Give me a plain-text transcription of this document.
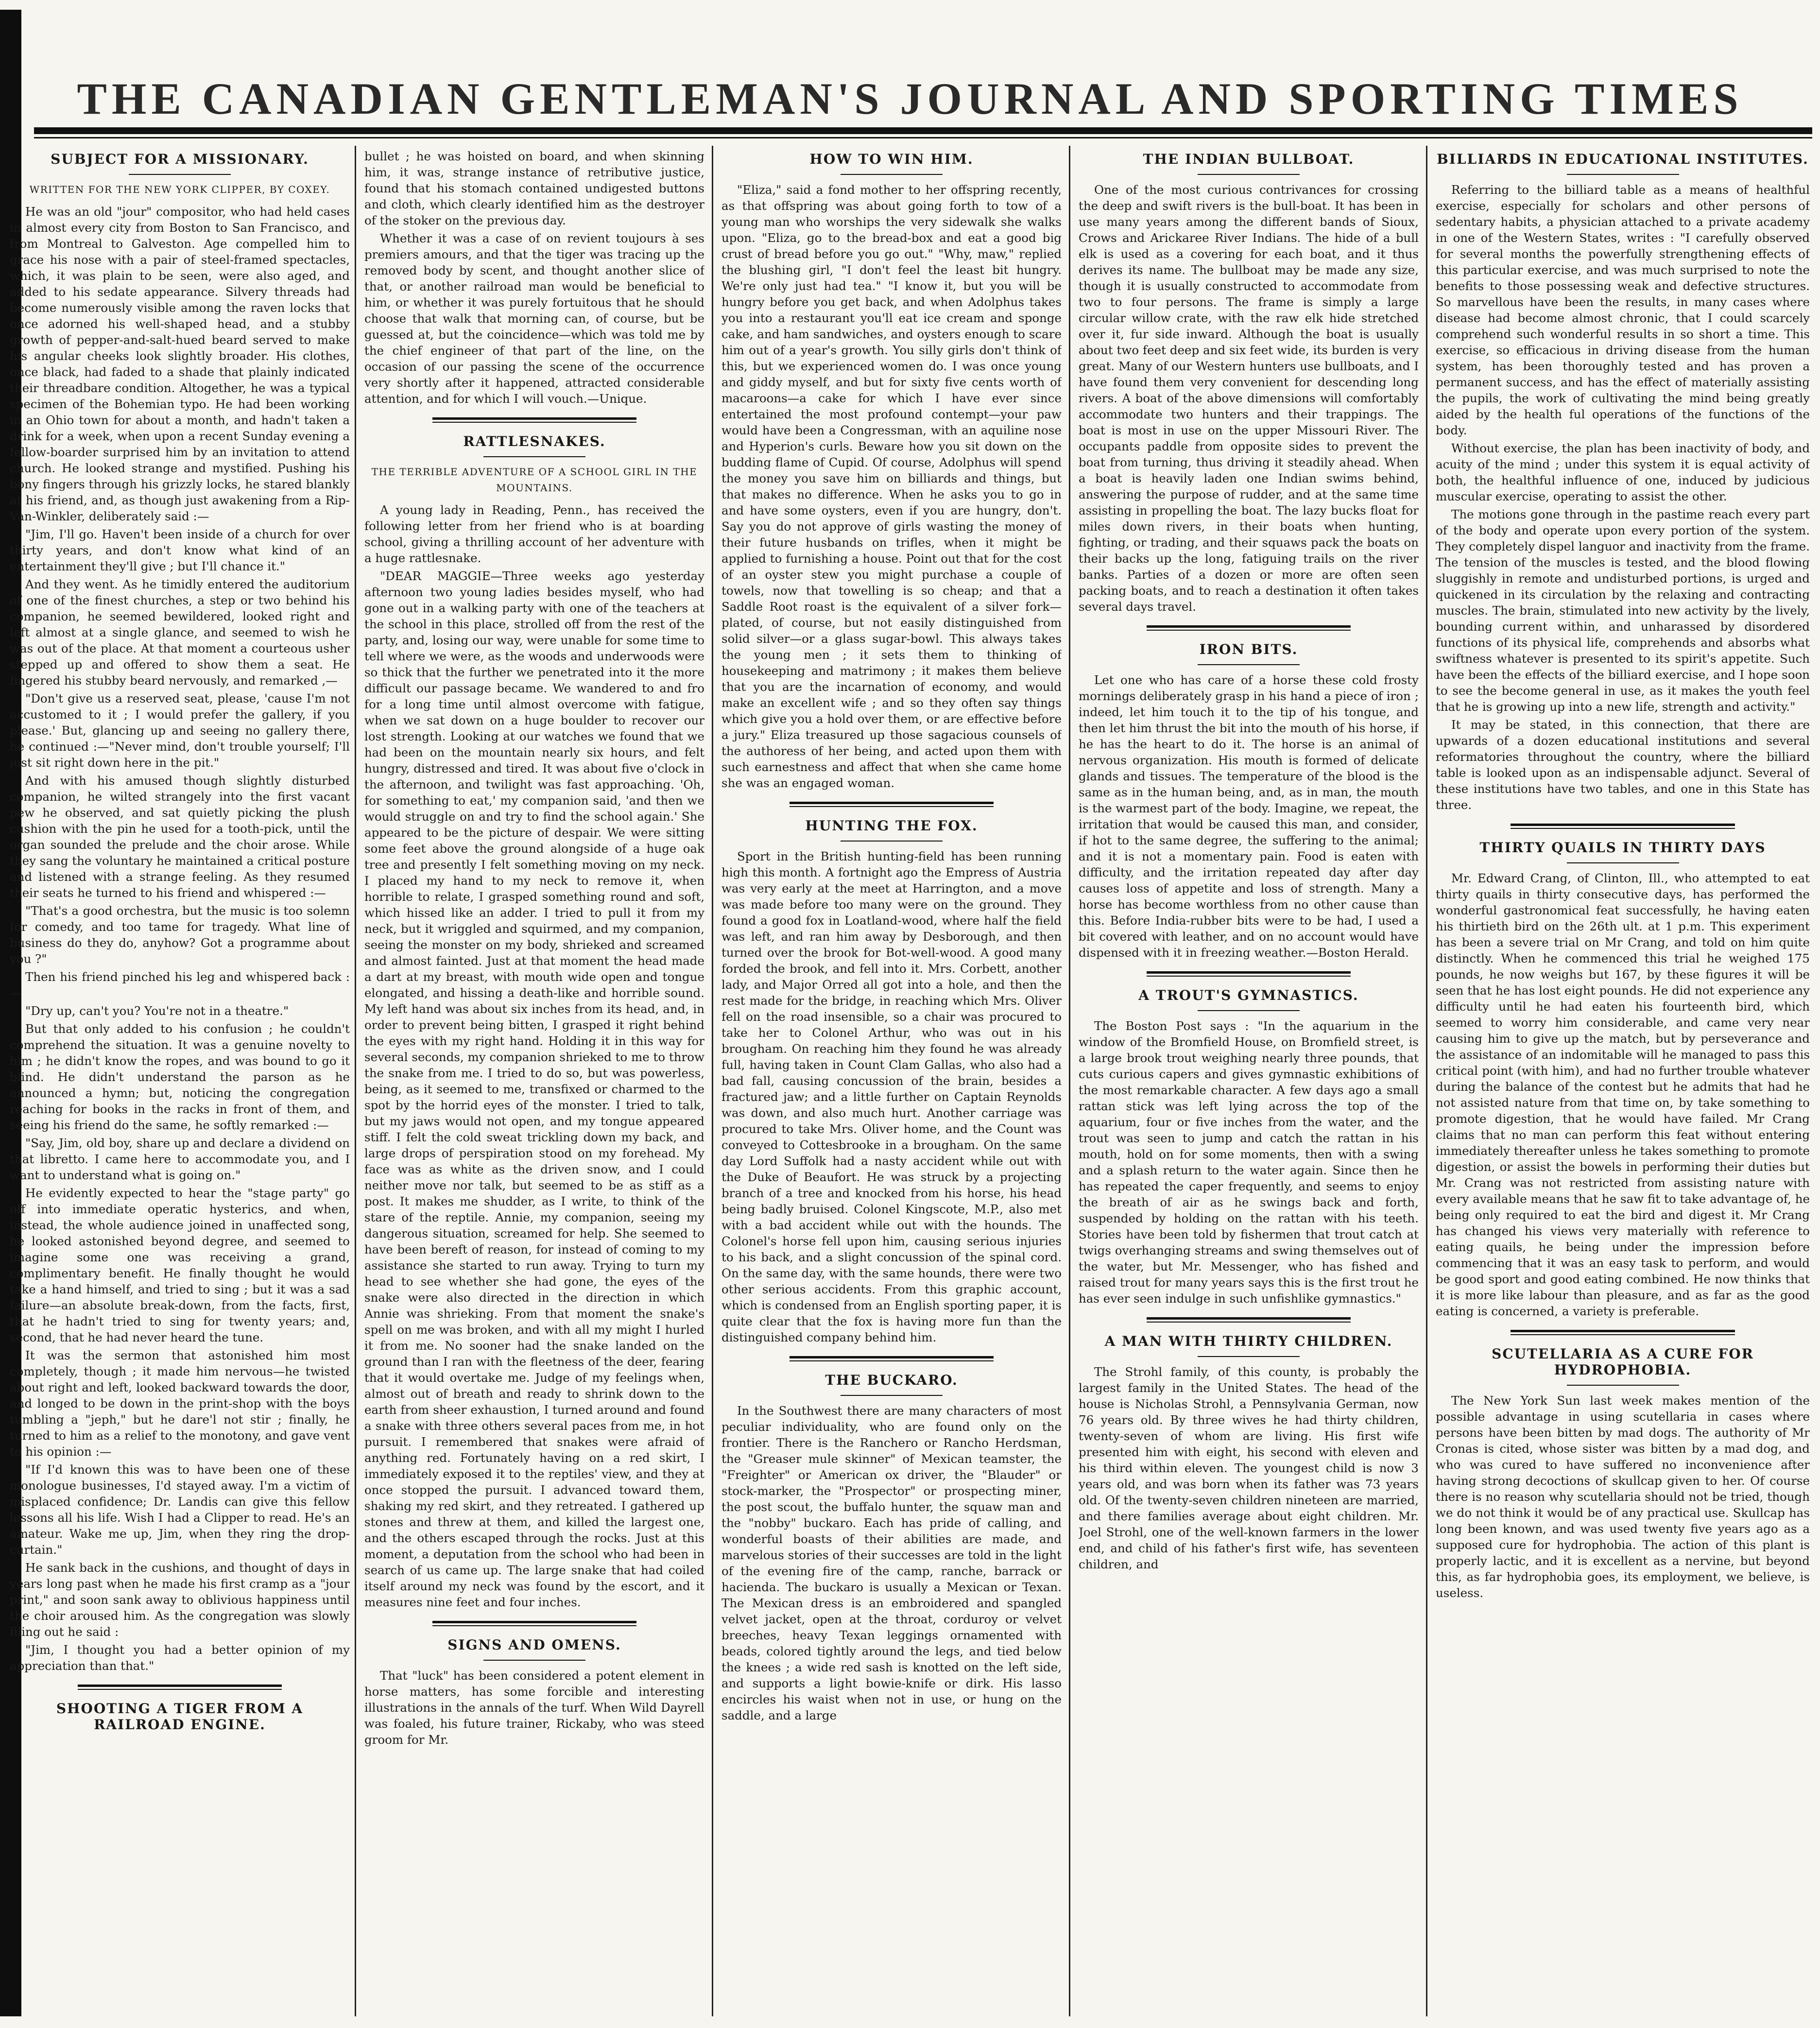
THE CANADIAN GENTLEMAN'S JOURNAL AND SPORTING TIMES
SUBJECT FOR A MISSIONARY.
WRITTEN FOR THE NEW YORK CLIPPER, BY COXEY.

He was an old "jour" compositor, who had held cases in almost every city from Boston to San Francisco, and from Montreal to Galveston. Age compelled him to grace his nose with a pair of steel-framed spectacles, which, it was plain to be seen, were also aged, and added to his sedate appearance. Silvery threads had become numerously visible among the raven locks that once adorned his well-shaped head, and a stubby growth of pepper-and-salt-hued beard served to make his angular cheeks look slightly broader. His clothes, once black, had faded to a shade that plainly indicated their threadbare condition. Altogether, he was a typical specimen of the Bohemian typo. He had been working in an Ohio town for about a month, and hadn't taken a drink for a week, when upon a recent Sunday evening a fellow-boarder surprised him by an invitation to attend church. He looked strange and mystified. Pushing his bony fingers through his grizzly locks, he stared blankly at his friend, and, as though just awakening from a Rip-Van-Winkler, deliberately said :—

"Jim, I'll go. Haven't been inside of a church for over thirty years, and don't know what kind of an entertainment they'll give ; but I'll chance it."

And they went. As he timidly entered the auditorium of one of the finest churches, a step or two behind his companion, he seemed bewildered, looked right and left almost at a single glance, and seemed to wish he was out of the place. At that moment a courteous usher stepped up and offered to show them a seat. He fingered his stubby beard nervously, and remarked ,—

"Don't give us a reserved seat, please, 'cause I'm not accustomed to it ; I would prefer the gallery, if you please.' But, glancing up and seeing no gallery there, he continued :—"Never mind, don't trouble yourself; I'll just sit right down here in the pit."

And with his amused though slightly disturbed companion, he wilted strangely into the first vacant pew he observed, and sat quietly picking the plush cushion with the pin he used for a tooth-pick, until the organ sounded the prelude and the choir arose. While they sang the voluntary he maintained a critical posture and listened with a strange feeling. As they resumed their seats he turned to his friend and whispered :—

"That's a good orchestra, but the music is too solemn for comedy, and too tame for tragedy. What line of business do they do, anyhow? Got a programme about you ?"

Then his friend pinched his leg and whispered back :—

"Dry up, can't you? You're not in a theatre."

But that only added to his confusion ; he couldn't comprehend the situation. It was a genuine novelty to him ; he didn't know the ropes, and was bound to go it blind. He didn't understand the parson as he announced a hymn; but, noticing the congregation reaching for books in the racks in front of them, and seeing his friend do the same, he softly remarked :—

"Say, Jim, old boy, share up and declare a dividend on that libretto. I came here to accommodate you, and I want to understand what is going on."

He evidently expected to hear the "stage party" go off into immediate operatic hysterics, and when, instead, the whole audience joined in unaffected song, he looked astonished beyond degree, and seemed to imagine some one was receiving a grand, complimentary benefit. He finally thought he would take a hand himself, and tried to sing ; but it was a sad failure—an absolute break-down, from the facts, first, that he hadn't tried to sing for twenty years; and, second, that he had never heard the tune.

It was the sermon that astonished him most completely, though ; it made him nervous—he twisted about right and left, looked backward towards the door, and longed to be down in the print-shop with the boys tumbling a "jeph," but he dare'l not stir ; finally, he turned to him as a relief to the monotony, and gave vent to his opinion :—

"If I'd known this was to have been one of these monologue businesses, I'd stayed away. I'm a victim of misplaced confidence; Dr. Landis can give this fellow lessons all his life. Wish I had a Clipper to read. He's an amateur. Wake me up, Jim, when they ring the drop-curtain."

He sank back in the cushions, and thought of days in years long past when he made his first cramp as a "jour print," and soon sank away to oblivious happiness until the choir aroused him. As the congregation was slowly filing out he said :

"Jim, I thought you had a better opinion of my appreciation than that."

SHOOTING A TIGER FROM A RAILROAD ENGINE.

bullet ; he was hoisted on board, and when skinning him, it was, strange instance of retributive justice, found that his stomach contained undigested buttons and cloth, which clearly identified him as the destroyer of the stoker on the previous day.

Whether it was a case of on revient toujours à ses premiers amours, and that the tiger was tracing up the removed body by scent, and thought another slice of that, or another railroad man would be beneficial to him, or whether it was purely fortuitous that he should choose that walk that morning can, of course, but be guessed at, but the coincidence—which was told me by the chief engineer of that part of the line, on the occasion of our passing the scene of the occurrence very shortly after it happened, attracted considerable attention, and for which I will vouch.—Unique.

RATTLESNAKES.
THE TERRIBLE ADVENTURE OF A SCHOOL GIRL IN THE MOUNTAINS.

A young lady in Reading, Penn., has received the following letter from her friend who is at boarding school, giving a thrilling account of her adventure with a huge rattlesnake.

"DEAR MAGGIE—Three weeks ago yesterday afternoon two young ladies besides myself, who had gone out in a walking party with one of the teachers at the school in this place, strolled off from the rest of the party, and, losing our way, were unable for some time to tell where we were, as the woods and underwoods were so thick that the further we penetrated into it the more difficult our passage became. We wandered to and fro for a long time until almost overcome with fatigue, when we sat down on a huge boulder to recover our lost strength. Looking at our watches we found that we had been on the mountain nearly six hours, and felt hungry, distressed and tired. It was about five o'clock in the afternoon, and twilight was fast approaching. 'Oh, for something to eat,' my companion said, 'and then we would struggle on and try to find the school again.' She appeared to be the picture of despair. We were sitting some feet above the ground alongside of a huge oak tree and presently I felt something moving on my neck. I placed my hand to my neck to remove it, when horrible to relate, I grasped something round and soft, which hissed like an adder. I tried to pull it from my neck, but it wriggled and squirmed, and my companion, seeing the monster on my body, shrieked and screamed and almost fainted. Just at that moment the head made a dart at my breast, with mouth wide open and tongue elongated, and hissing a death-like and horrible sound. My left hand was about six inches from its head, and, in order to prevent being bitten, I grasped it right behind the eyes with my right hand. Holding it in this way for several seconds, my companion shrieked to me to throw the snake from me. I tried to do so, but was powerless, being, as it seemed to me, transfixed or charmed to the spot by the horrid eyes of the monster. I tried to talk, but my jaws would not open, and my tongue appeared stiff. I felt the cold sweat trickling down my back, and large drops of perspiration stood on my forehead. My face was as white as the driven snow, and I could neither move nor talk, but seemed to be as stiff as a post. It makes me shudder, as I write, to think of the stare of the reptile. Annie, my companion, seeing my dangerous situation, screamed for help. She seemed to have been bereft of reason, for instead of coming to my assistance she started to run away. Trying to turn my head to see whether she had gone, the eyes of the snake were also directed in the direction in which Annie was shrieking. From that moment the snake's spell on me was broken, and with all my might I hurled it from me. No sooner had the snake landed on the ground than I ran with the fleetness of the deer, fearing that it would overtake me. Judge of my feelings when, almost out of breath and ready to shrink down to the earth from sheer exhaustion, I turned around and found a snake with three others several paces from me, in hot pursuit. I remembered that snakes were afraid of anything red. Fortunately having on a red skirt, I immediately exposed it to the reptiles' view, and they at once stopped the pursuit. I advanced toward them, shaking my red skirt, and they retreated. I gathered up stones and threw at them, and killed the largest one, and the others escaped through the rocks. Just at this moment, a deputation from the school who had been in search of us came up. The large snake that had coiled itself around my neck was found by the escort, and it measures nine feet and four inches.

SIGNS AND OMENS.

That "luck" has been considered a potent element in horse matters, has some forcible and interesting illustrations in the annals of the turf. When Wild Dayrell was foaled, his future trainer, Rickaby, who was steed groom for Mr.

HOW TO WIN HIM.

"Eliza," said a fond mother to her offspring recently, as that offspring was about going forth to tow of a young man who worships the very sidewalk she walks upon. "Eliza, go to the bread-box and eat a good big crust of bread before you go out." "Why, maw," replied the blushing girl, "I don't feel the least bit hungry. We're only just had tea." "I know it, but you will be hungry before you get back, and when Adolphus takes you into a restaurant you'll eat ice cream and sponge cake, and ham sandwiches, and oysters enough to scare him out of a year's growth. You silly girls don't think of this, but we experienced women do. I was once young and giddy myself, and but for sixty five cents worth of macaroons—a cake for which I have ever since entertained the most profound contempt—your paw would have been a Congressman, with an aquiline nose and Hyperion's curls. Beware how you sit down on the budding flame of Cupid. Of course, Adolphus will spend the money you save him on billiards and things, but that makes no difference. When he asks you to go in and have some oysters, even if you are hungry, don't. Say you do not approve of girls wasting the money of their future husbands on trifles, when it might be applied to furnishing a house. Point out that for the cost of an oyster stew you might purchase a couple of towels, now that towelling is so cheap; and that a Saddle Root roast is the equivalent of a silver fork—plated, of course, but not easily distinguished from solid silver—or a glass sugar-bowl. This always takes the young men ; it sets them to thinking of housekeeping and matrimony ; it makes them believe that you are the incarnation of economy, and would make an excellent wife ; and so they often say things which give you a hold over them, or are effective before a jury." Eliza treasured up those sagacious counsels of the authoress of her being, and acted upon them with such earnestness and affect that when she came home she was an engaged woman.

HUNTING THE FOX.

Sport in the British hunting-field has been running high this month. A fortnight ago the Empress of Austria was very early at the meet at Harrington, and a move was made before too many were on the ground. They found a good fox in Loatland-wood, where half the field was left, and ran him away by Desborough, and then turned over the brook for Bot-well-wood. A good many forded the brook, and fell into it. Mrs. Corbett, another lady, and Major Orred all got into a hole, and then the rest made for the bridge, in reaching which Mrs. Oliver fell on the road insensible, so a chair was procured to take her to Colonel Arthur, who was out in his brougham. On reaching him they found he was already full, having taken in Count Clam Gallas, who also had a bad fall, causing concussion of the brain, besides a fractured jaw; and a little further on Captain Reynolds was down, and also much hurt. Another carriage was procured to take Mrs. Oliver home, and the Count was conveyed to Cottesbrooke in a brougham. On the same day Lord Suffolk had a nasty accident while out with the Duke of Beaufort. He was struck by a projecting branch of a tree and knocked from his horse, his head being badly bruised. Colonel Kingscote, M.P., also met with a bad accident while out with the hounds. The Colonel's horse fell upon him, causing serious injuries to his back, and a slight concussion of the spinal cord. On the same day, with the same hounds, there were two other serious accidents. From this graphic account, which is condensed from an English sporting paper, it is quite clear that the fox is having more fun than the distinguished company behind him.

THE BUCKARO.

In the Southwest there are many characters of most peculiar individuality, who are found only on the frontier. There is the Ranchero or Rancho Herdsman, the "Greaser mule skinner" of Mexican teamster, the "Freighter" or American ox driver, the "Blauder" or stock-marker, the "Prospector" or prospecting miner, the post scout, the buffalo hunter, the squaw man and the "nobby" buckaro. Each has pride of calling, and wonderful boasts of their abilities are made, and marvelous stories of their successes are told in the light of the evening fire of the camp, ranche, barrack or hacienda. The buckaro is usually a Mexican or Texan. The Mexican dress is an embroidered and spangled velvet jacket, open at the throat, corduroy or velvet breeches, heavy Texan leggings ornamented with beads, colored tightly around the legs, and tied below the knees ; a wide red sash is knotted on the left side, and supports a light bowie-knife or dirk. His lasso encircles his waist when not in use, or hung on the saddle, and a large

THE INDIAN BULLBOAT.

One of the most curious contrivances for crossing the deep and swift rivers is the bull-boat. It has been in use many years among the different bands of Sioux, Crows and Arickaree River Indians. The hide of a bull elk is used as a covering for each boat, and it thus derives its name. The bullboat may be made any size, though it is usually constructed to accommodate from two to four persons. The frame is simply a large circular willow crate, with the raw elk hide stretched over it, fur side inward. Although the boat is usually about two feet deep and six feet wide, its burden is very great. Many of our Western hunters use bullboats, and I have found them very convenient for descending long rivers. A boat of the above dimensions will comfortably accommodate two hunters and their trappings. The boat is most in use on the upper Missouri River. The occupants paddle from opposite sides to prevent the boat from turning, thus driving it steadily ahead. When a boat is heavily laden one Indian swims behind, answering the purpose of rudder, and at the same time assisting in propelling the boat. The lazy bucks float for miles down rivers, in their boats when hunting, fighting, or trading, and their squaws pack the boats on their backs up the long, fatiguing trails on the river banks. Parties of a dozen or more are often seen packing boats, and to reach a destination it often takes several days travel.

IRON BITS.

Let one who has care of a horse these cold frosty mornings deliberately grasp in his hand a piece of iron ; indeed, let him touch it to the tip of his tongue, and then let him thrust the bit into the mouth of his horse, if he has the heart to do it. The horse is an animal of nervous organization. His mouth is formed of delicate glands and tissues. The temperature of the blood is the same as in the human being, and, as in man, the mouth is the warmest part of the body. Imagine, we repeat, the irritation that would be caused this man, and consider, if hot to the same degree, the suffering to the animal; and it is not a momentary pain. Food is eaten with difficulty, and the irritation repeated day after day causes loss of appetite and loss of strength. Many a horse has become worthless from no other cause than this. Before India-rubber bits were to be had, I used a bit covered with leather, and on no account would have dispensed with it in freezing weather.—Boston Herald.

A TROUT'S GYMNASTICS.

The Boston Post says : "In the aquarium in the window of the Bromfield House, on Bromfield street, is a large brook trout weighing nearly three pounds, that cuts curious capers and gives gymnastic exhibitions of the most remarkable character. A few days ago a small rattan stick was left lying across the top of the aquarium, four or five inches from the water, and the trout was seen to jump and catch the rattan in his mouth, hold on for some moments, then with a swing and a splash return to the water again. Since then he has repeated the caper frequently, and seems to enjoy the breath of air as he swings back and forth, suspended by holding on the rattan with his teeth. Stories have been told by fishermen that trout catch at twigs overhanging streams and swing themselves out of the water, but Mr. Messenger, who has fished and raised trout for many years says this is the first trout he has ever seen indulge in such unfishlike gymnastics."

A MAN WITH THIRTY CHILDREN.

The Strohl family, of this county, is probably the largest family in the United States. The head of the house is Nicholas Strohl, a Pennsylvania German, now 76 years old. By three wives he had thirty children, twenty-seven of whom are living. His first wife presented him with eight, his second with eleven and his third within eleven. The youngest child is now 3 years old, and was born when its father was 73 years old. Of the twenty-seven children nineteen are married, and there families average about eight children. Mr. Joel Strohl, one of the well-known farmers in the lower end, and child of his father's first wife, has seventeen children, and

BILLIARDS IN EDUCATIONAL INSTITUTES.

Referring to the billiard table as a means of healthful exercise, especially for scholars and other persons of sedentary habits, a physician attached to a private academy in one of the Western States, writes : "I carefully observed for several months the powerfully strengthening effects of this particular exercise, and was much surprised to note the benefits to those possessing weak and defective structures. So marvellous have been the results, in many cases where disease had become almost chronic, that I could scarcely comprehend such wonderful results in so short a time. This exercise, so efficacious in driving disease from the human system, has been thoroughly tested and has proven a permanent success, and has the effect of materially assisting the pupils, the work of cultivating the mind being greatly aided by the health ful operations of the functions of the body.

Without exercise, the plan has been inactivity of body, and acuity of the mind ; under this system it is equal activity of both, the healthful influence of one, induced by judicious muscular exercise, operating to assist the other.

The motions gone through in the pastime reach every part of the body and operate upon every portion of the system. They completely dispel languor and inactivity from the frame. The tension of the muscles is tested, and the blood flowing sluggishly in remote and undisturbed portions, is urged and quickened in its circulation by the relaxing and contracting muscles. The brain, stimulated into new activity by the lively, bounding current within, and unharassed by disordered functions of its physical life, comprehends and absorbs what swiftness whatever is presented to its spirit's appetite. Such have been the effects of the billiard exercise, and I hope soon to see the become general in use, as it makes the youth feel that he is growing up into a new life, strength and activity."

It may be stated, in this connection, that there are upwards of a dozen educational institutions and several reformatories throughout the country, where the billiard table is looked upon as an indispensable adjunct. Several of these institutions have two tables, and one in this State has three.

THIRTY QUAILS IN THIRTY DAYS

Mr. Edward Crang, of Clinton, Ill., who attempted to eat thirty quails in thirty consecutive days, has performed the wonderful gastronomical feat successfully, he having eaten his thirtieth bird on the 26th ult. at 1 p.m. This experiment has been a severe trial on Mr Crang, and told on him quite distinctly. When he commenced this trial he weighed 175 pounds, he now weighs but 167, by these figures it will be seen that he has lost eight pounds. He did not experience any difficulty until he had eaten his fourteenth bird, which seemed to worry him considerable, and came very near causing him to give up the match, but by perseverance and the assistance of an indomitable will he managed to pass this critical point (with him), and had no further trouble whatever during the balance of the contest but he admits that had he not assisted nature from that time on, by take something to promote digestion, that he would have failed. Mr Crang claims that no man can perform this feat without entering immediately thereafter unless he takes something to promote digestion, or assist the bowels in performing their duties but Mr. Crang was not restricted from assisting nature with every available means that he saw fit to take advantage of, he being only required to eat the bird and digest it. Mr Crang has changed his views very materially with reference to eating quails, he being under the impression before commencing that it was an easy task to perform, and would be good sport and good eating combined. He now thinks that it is more like labour than pleasure, and as far as the good eating is concerned, a variety is preferable.

SCUTELLARIA AS A CURE FOR HYDROPHOBIA.

The New York Sun last week makes mention of the possible advantage in using scutellaria in cases where persons have been bitten by mad dogs. The authority of Mr Cronas is cited, whose sister was bitten by a mad dog, and who was cured to have suffered no inconvenience after having strong decoctions of skullcap given to her. Of course there is no reason why scutellaria should not be tried, though we do not think it would be of any practical use. Skullcap has long been known, and was used twenty five years ago as a supposed cure for hydrophobia. The action of this plant is properly lactic, and it is excellent as a nervine, but beyond this, as far hydrophobia goes, its employment, we believe, is useless.
